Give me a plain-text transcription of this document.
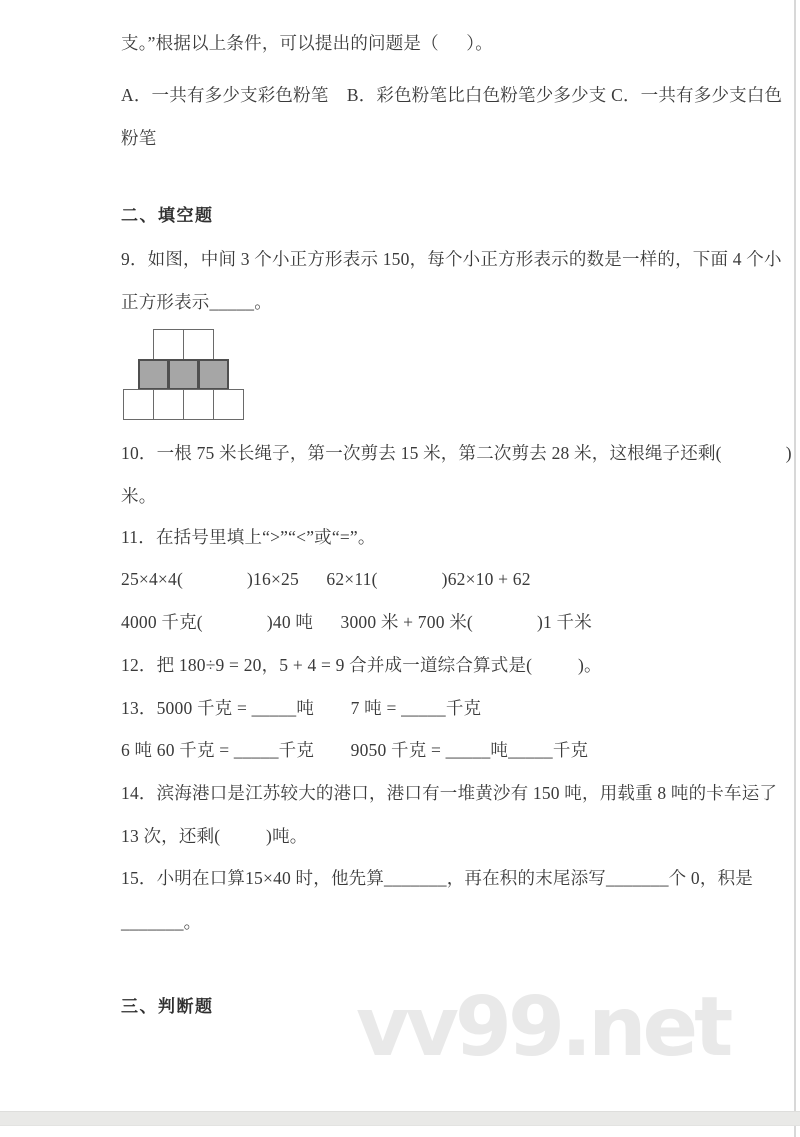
vv99.net
支。”根据以上条件，可以提出的问题是（      ）。
A．一共有多少支彩色粉笔    B．彩色粉笔比白色粉笔少多少支 C．一共有多少支白色
粉笔
二、填空题
9．如图，中间 3 个小正方形表示 150，每个小正方形表示的数是一样的，下面 4 个小
正方形表示_____。
10．一根 75 米长绳子，第一次剪去 15 米，第二次剪去 28 米，这根绳子还剩(              )
米。
11．在括号里填上“>”“<”或“=”。
25×4×4(              )16×25      62×11(              )62×10 + 62
4000 千克(              )40 吨      3000 米 + 700 米(              )1 千米
12．把 180÷9 = 20，5 + 4 = 9 合并成一道综合算式是(          )。
13．5000 千克 = _____吨        7 吨 = _____千克
6 吨 60 千克 = _____千克        9050 千克 = _____吨_____千克
14．滨海港口是江苏较大的港口，港口有一堆黄沙有 150 吨，用载重 8 吨的卡车运了
13 次，还剩(          )吨。
15．小明在口算15×40 时，他先算_______，再在积的末尾添写_______个 0，积是
_______。
三、判断题
